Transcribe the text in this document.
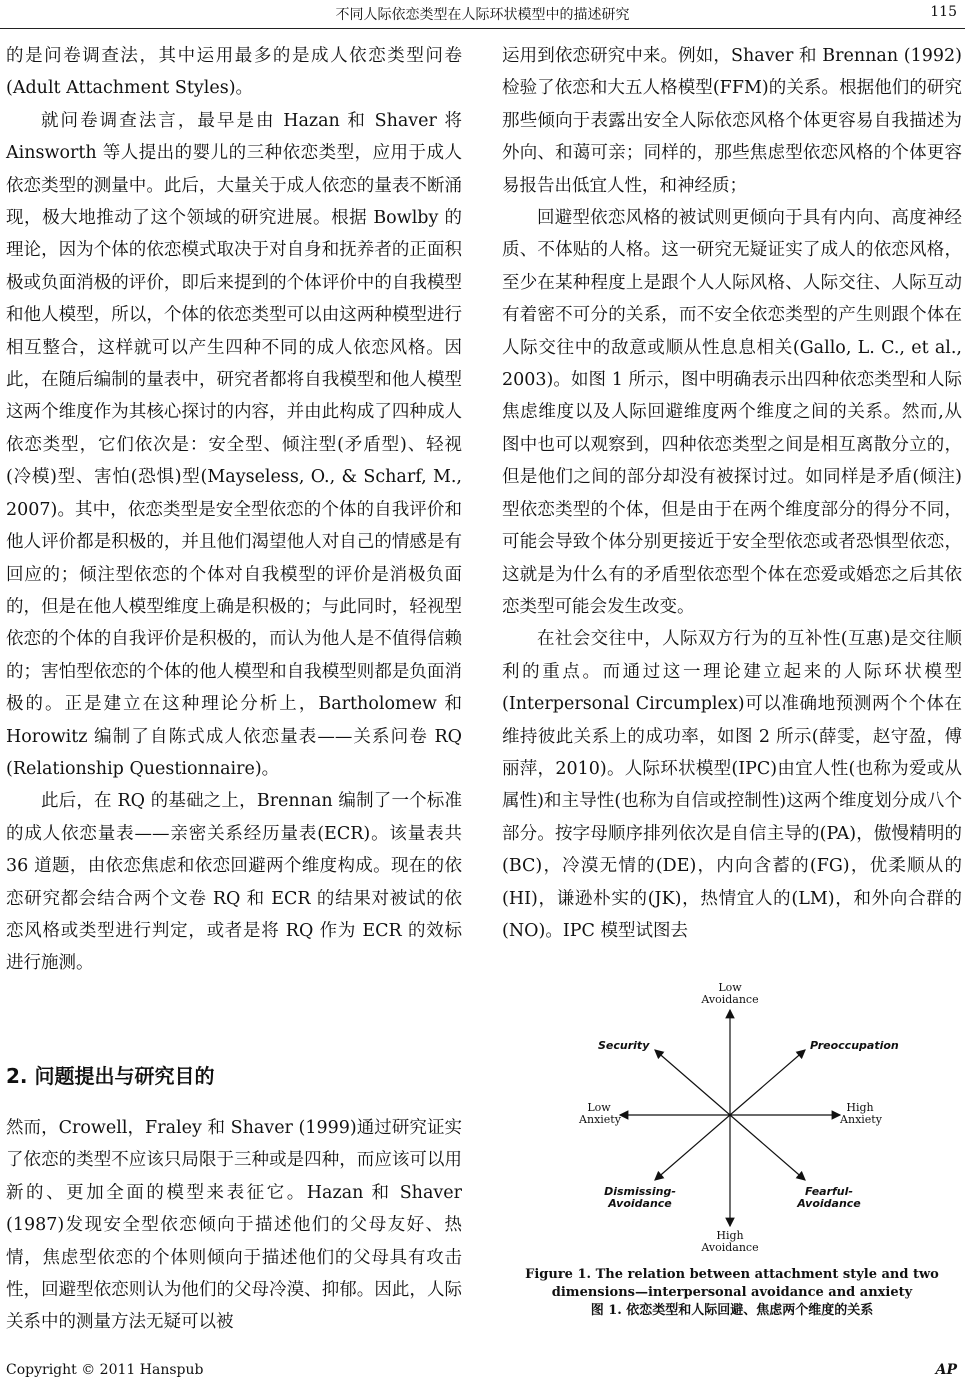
不同人际依恋类型在人际环状模型中的描述研究	115

的是问卷调查法，其中运用最多的是成人依恋类型问卷(Adult Attachment Styles)。

就问卷调查法言，最早是由 Hazan 和 Shaver 将 Ainsworth 等人提出的婴儿的三种依恋类型，应用于成人依恋类型的测量中。此后，大量关于成人依恋的量表不断涌现，极大地推动了这个领域的研究进展。根据 Bowlby 的理论，因为个体的依恋模式取决于对自身和抚养者的正面积极或负面消极的评价，即后来提到的个体评价中的自我模型和他人模型，所以，个体的依恋类型可以由这两种模型进行相互整合，这样就可以产生四种不同的成人依恋风格。因此，在随后编制的量表中，研究者都将自我模型和他人模型这两个维度作为其核心探讨的内容，并由此构成了四种成人依恋类型，它们依次是：安全型、倾注型(矛盾型)、轻视(冷模)型、害怕(恐惧)型(Mayseless, O., & Scharf, M., 2007)。其中，依恋类型是安全型依恋的个体的自我评价和他人评价都是积极的，并且他们渴望他人对自己的情感是有回应的；倾注型依恋的个体对自我模型的评价是消极负面的，但是在他人模型维度上确是积极的；与此同时，轻视型依恋的个体的自我评价是积极的，而认为他人是不值得信赖的；害怕型依恋的个体的他人模型和自我模型则都是负面消极的。正是建立在这种理论分析上，Bartholomew 和 Horowitz 编制了自陈式成人依恋量表——关系问卷 RQ (Relationship Questionnaire)。

此后，在 RQ 的基础之上，Brennan 编制了一个标准的成人依恋量表——亲密关系经历量表(ECR)。该量表共 36 道题，由依恋焦虑和依恋回避两个维度构成。现在的依恋研究都会结合两个文卷 RQ 和 ECR 的结果对被试的依恋风格或类型进行判定，或者是将 RQ 作为 ECR 的效标进行施测。

2. 问题提出与研究目的

然而，Crowell，Fraley 和 Shaver (1999)通过研究证实了依恋的类型不应该只局限于三种或是四种，而应该可以用新的、更加全面的模型来表征它。Hazan 和 Shaver (1987)发现安全型依恋倾向于描述他们的父母友好、热情，焦虑型依恋的个体则倾向于描述他们的父母具有攻击性，回避型依恋则认为他们的父母冷漠、抑郁。因此，人际关系中的测量方法无疑可以被

运用到依恋研究中来。例如，Shaver 和 Brennan (1992)检验了依恋和大五人格模型(FFM)的关系。根据他们的研究那些倾向于表露出安全人际依恋风格个体更容易自我描述为外向、和蔼可亲；同样的，那些焦虑型依恋风格的个体更容易报告出低宜人性，和神经质；

回避型依恋风格的被试则更倾向于具有内向、高度神经质、不体贴的人格。这一研究无疑证实了成人的依恋风格，至少在某种程度上是跟个人人际风格、人际交往、人际互动有着密不可分的关系，而不安全依恋类型的产生则跟个体在人际交往中的敌意或顺从性息息相关(Gallo, L. C., et al., 2003)。如图 1 所示，图中明确表示出四种依恋类型和人际焦虑维度以及人际回避维度两个维度之间的关系。然而,从图中也可以观察到，四种依恋类型之间是相互离散分立的，但是他们之间的部分却没有被探讨过。如同样是矛盾(倾注)型依恋类型的个体，但是由于在两个维度部分的得分不同，可能会导致个体分别更接近于安全型依恋或者恐惧型依恋，这就是为什么有的矛盾型依恋型个体在恋爱或婚恋之后其依恋类型可能会发生改变。

在社会交往中，人际双方行为的互补性(互惠)是交往顺利的重点。而通过这一理论建立起来的人际环状模型(Interpersonal Circumplex)可以准确地预测两个个体在维持彼此关系上的成功率，如图 2 所示(薛雯，赵守盈，傅丽萍，2010)。人际环状模型(IPC)由宜人性(也称为爱或从属性)和主导性(也称为自信或控制性)这两个维度划分成八个部分。按字母顺序排列依次是自信主导的(PA)，傲慢精明的(BC)，冷漠无情的(DE)，内向含蓄的(FG)，优柔顺从的(HI)，谦逊朴实的(JK)，热情宜人的(LM)，和外向合群的(NO)。IPC 模型试图去

Low
Avoidance
Security	Preoccupation
Low
Anxiety
High
Anxiety
Dismissing-
Avoidance
Fearful-
Avoidance
High
Avoidance
Figure 1. The relation between attachment style and two
dimensions—interpersonal avoidance and anxiety
图 1. 依恋类型和人际回避、焦虑两个维度的关系
Copyright © 2011 Hanspub	AP
